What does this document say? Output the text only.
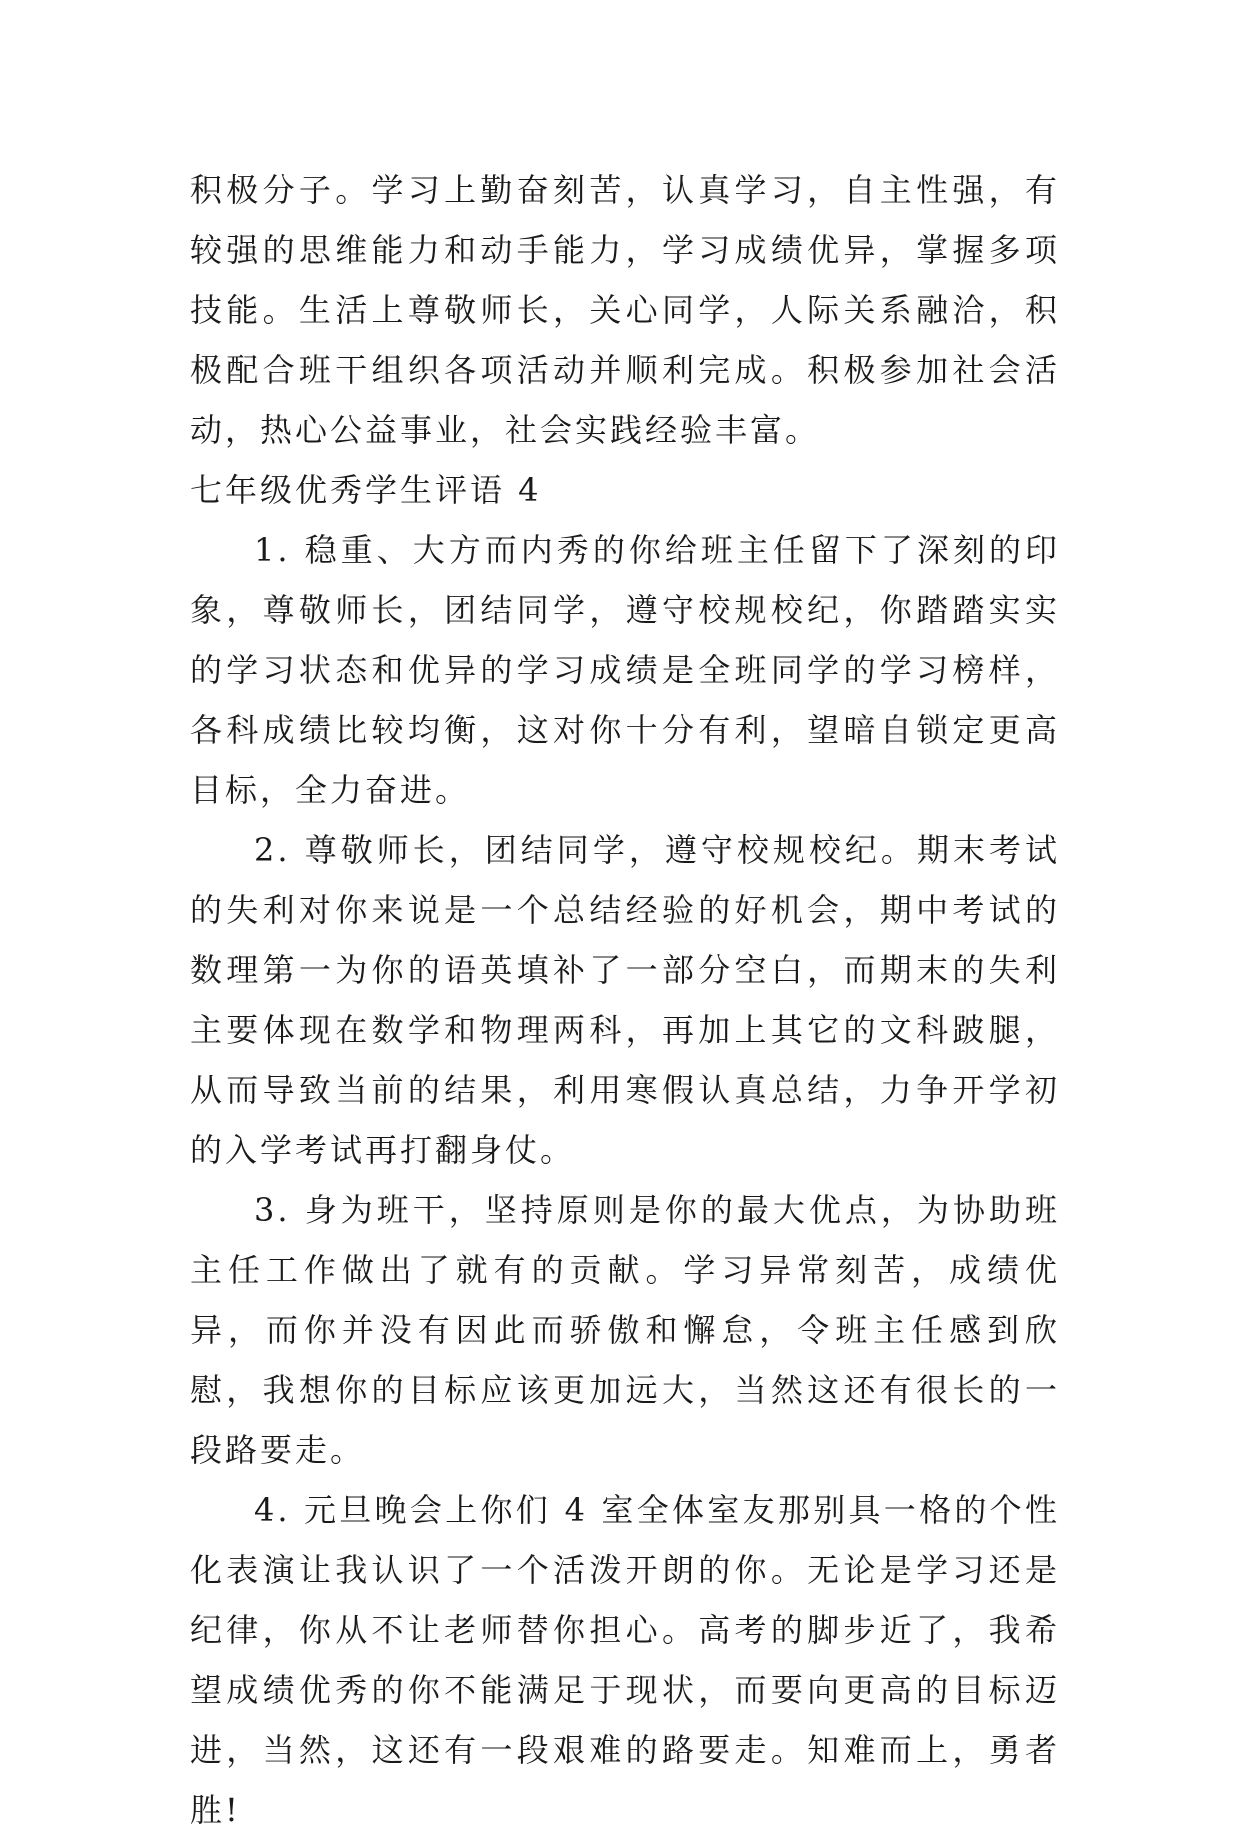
积极分子。学习上勤奋刻苦，认真学习，自主性强，有较强的思维能力和动手能力，学习成绩优异，掌握多项技能。生活上尊敬师长，关心同学，人际关系融洽，积极配合班干组织各项活动并顺利完成。积极参加社会活动，热心公益事业，社会实践经验丰富。

七年级优秀学生评语 4

1. 稳重、大方而内秀的你给班主任留下了深刻的印象，尊敬师长，团结同学，遵守校规校纪，你踏踏实实的学习状态和优异的学习成绩是全班同学的学习榜样，各科成绩比较均衡，这对你十分有利，望暗自锁定更高目标，全力奋进。

2. 尊敬师长，团结同学，遵守校规校纪。期末考试的失利对你来说是一个总结经验的好机会，期中考试的数理第一为你的语英填补了一部分空白，而期末的失利主要体现在数学和物理两科，再加上其它的文科跛腿，从而导致当前的结果，利用寒假认真总结，力争开学初的入学考试再打翻身仗。

3. 身为班干，坚持原则是你的最大优点，为协助班主任工作做出了就有的贡献。学习异常刻苦，成绩优异，而你并没有因此而骄傲和懈怠，令班主任感到欣慰，我想你的目标应该更加远大，当然这还有很长的一段路要走。

4. 元旦晚会上你们 4 室全体室友那别具一格的个性化表演让我认识了一个活泼开朗的你。无论是学习还是纪律，你从不让老师替你担心。高考的脚步近了，我希望成绩优秀的你不能满足于现状，而要向更高的目标迈进，当然，这还有一段艰难的路要走。知难而上，勇者胜!
